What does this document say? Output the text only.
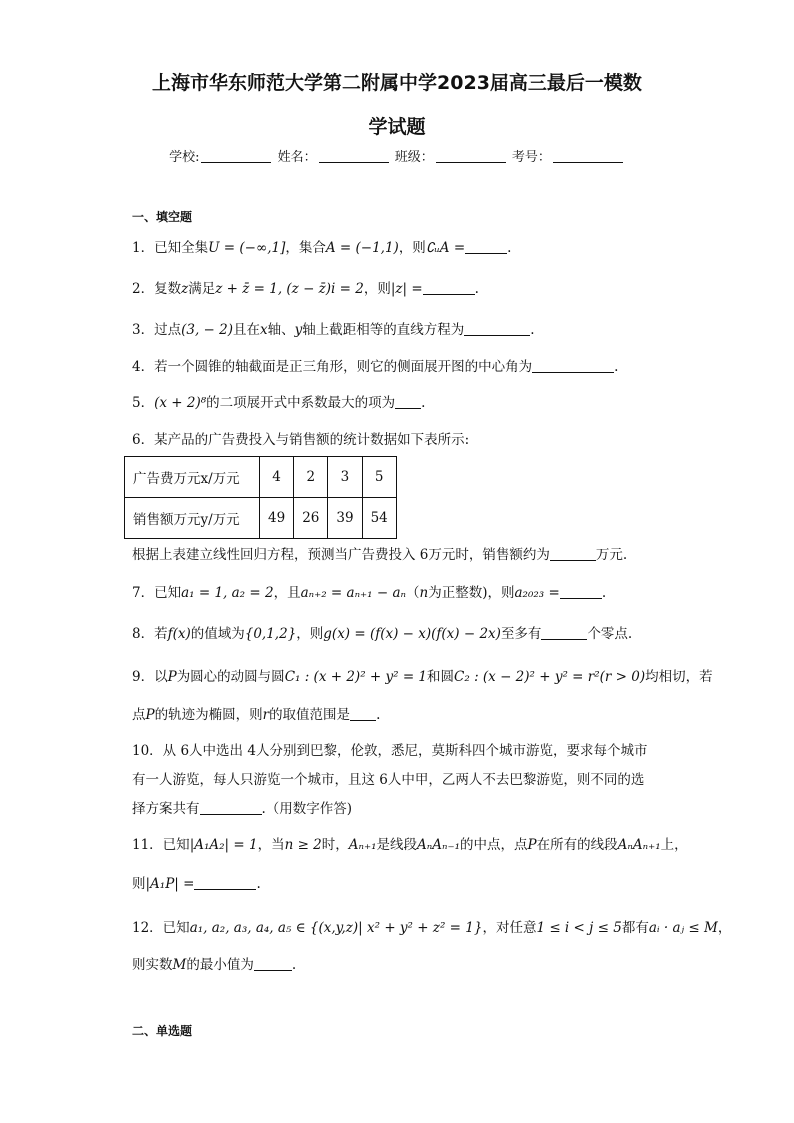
上海市华东师范大学第二附属中学2023届高三最后一模数
学试题
学校:	姓名：	班级：	考号：
一、填空题
1．已知全集U = (−∞,1]，集合A = (−1,1)，则∁ᵤA =	.
2．复数z满足z + z̄ = 1, (z − z̄)i = 2，则|z| =	.
3．过点(3, − 2)且在x轴、y轴上截距相等的直线方程为	.
4．若一个圆锥的轴截面是正三角形，则它的侧面展开图的中心角为	.
5．(x + 2)⁸的二项展开式中系数最大的项为 .
6．某产品的广告费投入与销售额的统计数据如下表所示:
广告费万元x/万元	4	2	3	5
销售额万元y/万元	49	26	39	54
根据上表建立线性回归方程，预测当广告费投入 6万元时，销售额约为	万元.
7．已知a₁ = 1, a₂ = 2，且aₙ₊₂ = aₙ₊₁ − aₙ（n为正整数)，则a₂₀₂₃ =	.
8．若f(x)的值域为{0,1,2}，则g(x) = (f(x) − x)(f(x) − 2x)至多有	个零点.
9．以P为圆心的动圆与圆C₁ : (x + 2)² + y² = 1和圆C₂ : (x − 2)² + y² = r²(r > 0)均相切，若
点P的轨迹为椭圆，则r的取值范围是 .
10．从 6人中选出 4人分别到巴黎，伦敦，悉尼，莫斯科四个城市游览，要求每个城市
有一人游览，每人只游览一个城市，且这 6人中甲，乙两人不去巴黎游览，则不同的选
择方案共有	.（用数字作答)
11．已知|A₁A₂| = 1，当n ≥ 2时，Aₙ₊₁是线段AₙAₙ₋₁的中点，点P在所有的线段AₙAₙ₊₁上，
则|A₁P| =	.
12．已知a₁, a₂, a₃, a₄, a₅ ∈ {(x,y,z)| x² + y² + z² = 1}，对任意1 ≤ i < j ≤ 5都有aᵢ · aⱼ ≤ M，
则实数M的最小值为	.
二、单选题
